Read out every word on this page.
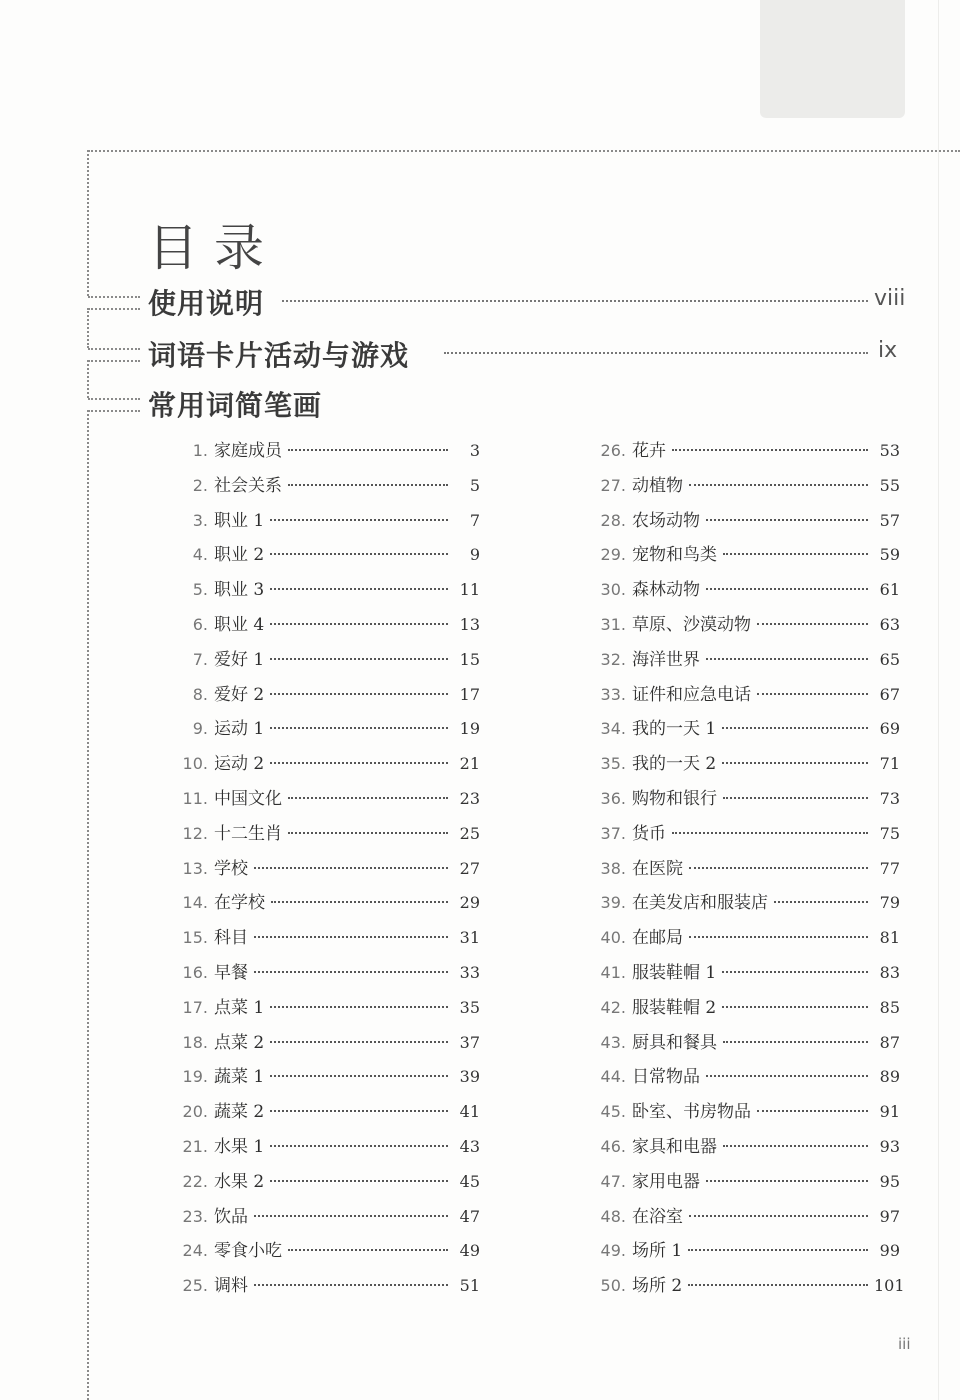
目录
使用说明	viii
词语卡片活动与游戏	ix
常用词简笔画
1. 家庭成员	3
2. 社会关系	5
3. 职业 1	7
4. 职业 2	9
5. 职业 3	11
6. 职业 4	13
7. 爱好 1	15
8. 爱好 2	17
9. 运动 1	19
10. 运动 2	21
11. 中国文化	23
12. 十二生肖	25
13. 学校	27
14. 在学校	29
15. 科目	31
16. 早餐	33
17. 点菜 1	35
18. 点菜 2	37
19. 蔬菜 1	39
20. 蔬菜 2	41
21. 水果 1	43
22. 水果 2	45
23. 饮品	47
24. 零食小吃	49
25. 调料	51
26. 花卉	53
27. 动植物	55
28. 农场动物	57
29. 宠物和鸟类	59
30. 森林动物	61
31. 草原、沙漠动物	63
32. 海洋世界	65
33. 证件和应急电话	67
34. 我的一天 1	69
35. 我的一天 2	71
36. 购物和银行	73
37. 货币	75
38. 在医院	77
39. 在美发店和服装店	79
40. 在邮局	81
41. 服装鞋帽 1	83
42. 服装鞋帽 2	85
43. 厨具和餐具	87
44. 日常物品	89
45. 卧室、书房物品	91
46. 家具和电器	93
47. 家用电器	95
48. 在浴室	97
49. 场所 1	99
50. 场所 2	101
iii
